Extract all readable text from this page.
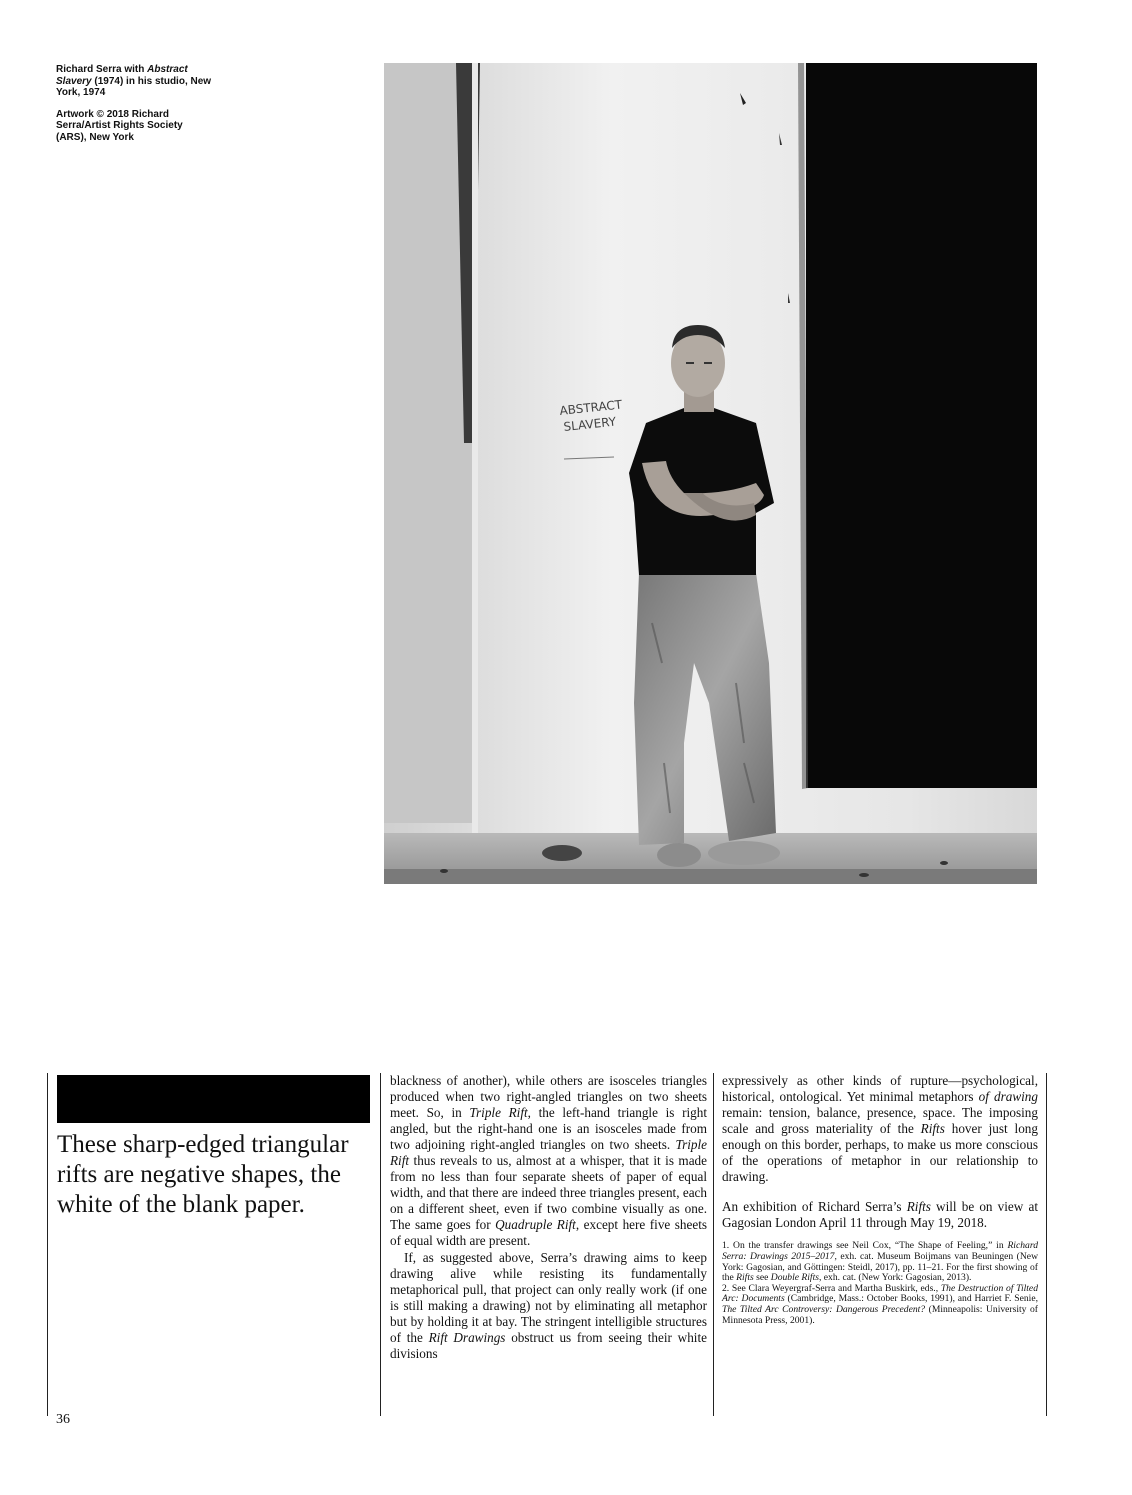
Richard Serra with Abstract Slavery (1974) in his studio, New York, 1974

Artwork © 2018 Richard Serra/Artist Rights Society (ARS), New York

ABSTRACT
SLAVERY

These sharp-edged triangular rifts are negative shapes, the white of the blank paper.

blackness of another), while others are isosceles triangles produced when two right-angled triangles on two sheets meet. So, in Triple Rift, the left-hand triangle is right angled, but the right-hand one is an isosceles made from two adjoining right-angled triangles on two sheets. Triple Rift thus reveals to us, almost at a whisper, that it is made from no less than four separate sheets of paper of equal width, and that there are indeed three triangles present, each on a different sheet, even if two combine visually as one. The same goes for Quadruple Rift, except here five sheets of equal width are present.

If, as suggested above, Serra’s drawing aims to keep drawing alive while resisting its fundamentally metaphorical pull, that project can only really work (if one is still making a drawing) not by eliminating all metaphor but by holding it at bay. The stringent intelligible structures of the Rift Drawings obstruct us from seeing their white divisions

expressively as other kinds of rupture—psychological, historical, ontological. Yet minimal metaphors of drawing remain: tension, balance, presence, space. The imposing scale and gross materiality of the Rifts hover just long enough on this border, perhaps, to make us more conscious of the operations of metaphor in our relationship to drawing.

An exhibition of Richard Serra’s Rifts will be on view at Gagosian London April 11 through May 19, 2018.

1. On the transfer drawings see Neil Cox, “The Shape of Feeling,” in Richard Serra: Drawings 2015–2017, exh. cat. Museum Boijmans van Beuningen (New York: Gagosian, and Göttingen: Steidl, 2017), pp. 11–21. For the first showing of the Rifts see Double Rifts, exh. cat. (New York: Gagosian, 2013).

2. See Clara Weyergraf-Serra and Martha Buskirk, eds., The Destruction of Tilted Arc: Documents (Cambridge, Mass.: October Books, 1991), and Harriet F. Senie, The Tilted Arc Controversy: Dangerous Precedent? (Minneapolis: University of Minnesota Press, 2001).

36
